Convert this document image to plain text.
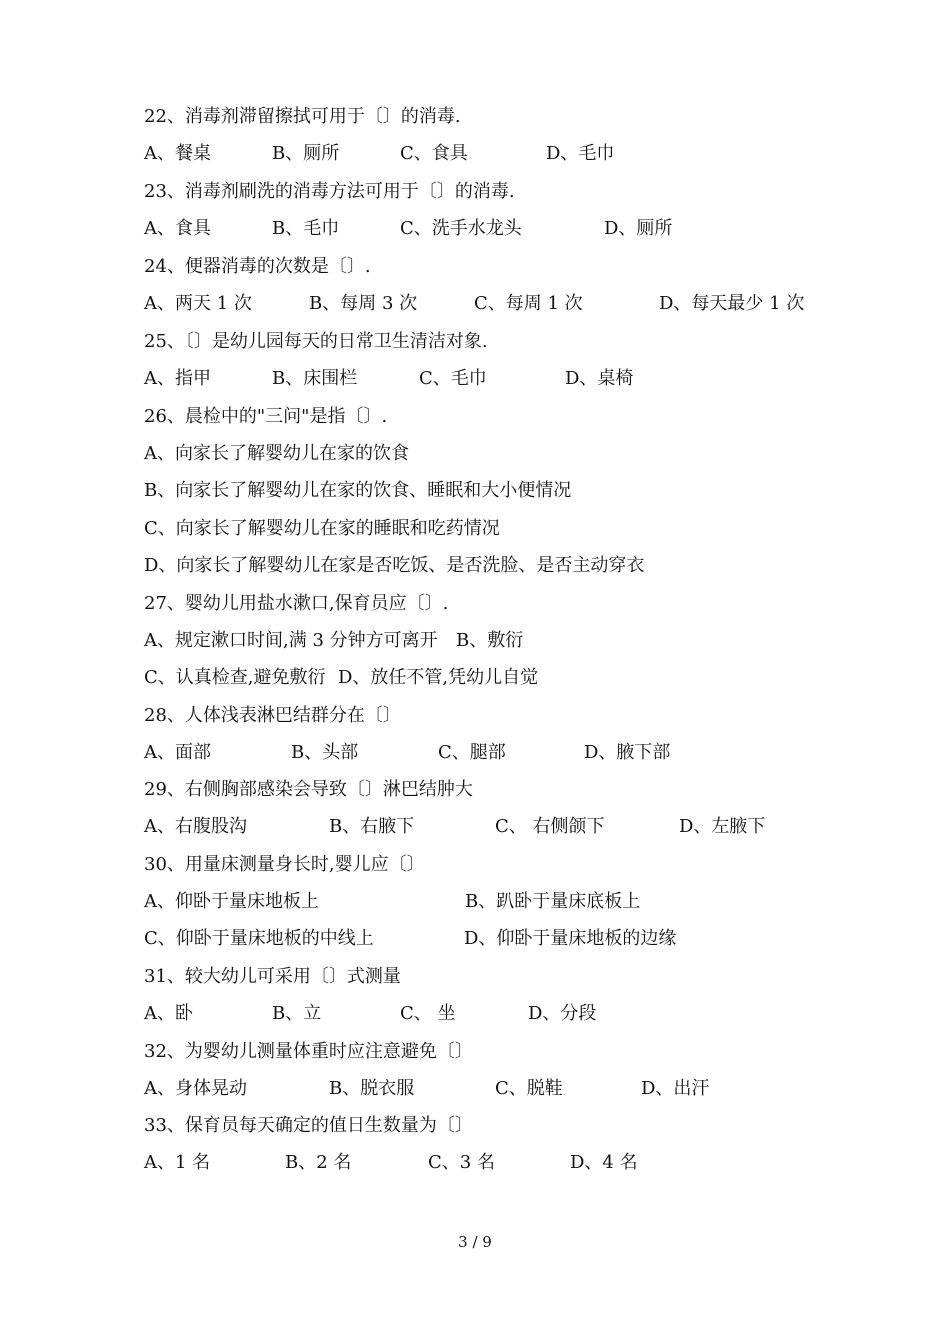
22、消毒剂滞留擦拭可用于〔〕的消毒.
A、餐桌	B、厕所	C、食具	D、毛巾
23、消毒剂刷洗的消毒方法可用于〔〕的消毒.
A、食具	B、毛巾	C、洗手水龙头	D、厕所
24、便器消毒的次数是〔〕.
A、两天 1 次	B、每周 3 次	C、每周 1 次	D、每天最少 1 次
25、〔〕是幼儿园每天的日常卫生清洁对象.
A、指甲	B、床围栏	C、毛巾	D、桌椅
26、晨检中的"三问"是指〔〕.
A、向家长了解婴幼儿在家的饮食
B、向家长了解婴幼儿在家的饮食、睡眠和大小便情况
C、向家长了解婴幼儿在家的睡眠和吃药情况
D、向家长了解婴幼儿在家是否吃饭、是否洗脸、是否主动穿衣
27、婴幼儿用盐水漱口,保育员应〔〕.
A、规定漱口时间,满 3 分钟方可离开 B、敷衍
C、认真检查,避免敷衍 D、放任不管,凭幼儿自觉
28、人体浅表淋巴结群分在〔〕
A、面部	B、头部	C、腿部	D、腋下部
29、右侧胸部感染会导致〔〕淋巴结肿大
A、右腹股沟	B、右腋下	C、 右侧颌下	D、左腋下
30、用量床测量身长时,婴儿应〔〕
A、仰卧于量床地板上	B、趴卧于量床底板上
C、仰卧于量床地板的中线上	D、仰卧于量床地板的边缘
31、较大幼儿可采用〔〕式测量
A、卧	B、立	C、 坐	D、分段
32、为婴幼儿测量体重时应注意避免〔〕
A、身体晃动	B、脱衣服	C、脱鞋	D、出汗
33、保育员每天确定的值日生数量为〔〕
A、1 名	B、2 名	C、3 名	D、4 名
3 / 9
